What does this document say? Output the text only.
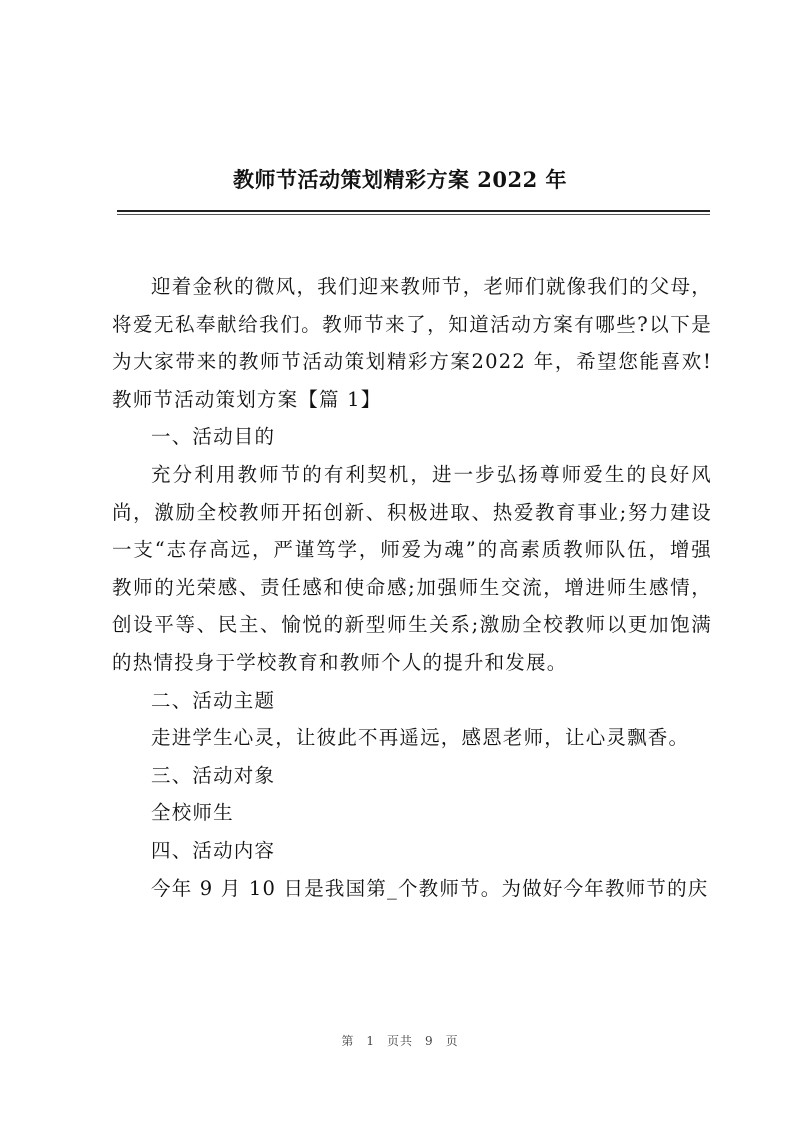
教师节活动策划精彩方案 2022 年

迎着金秋的微风，我们迎来教师节，老师们就像我们的父母，将爱无私奉献给我们。教师节来了，知道活动方案有哪些?以下是为大家带来的教师节活动策划精彩方案2022 年，希望您能喜欢!教师节活动策划方案【篇 1】

一、活动目的

充分利用教师节的有利契机，进一步弘扬尊师爱生的良好风尚，激励全校教师开拓创新、积极进取、热爱教育事业;努力建设一支“志存高远，严谨笃学，师爱为魂”的高素质教师队伍，增强教师的光荣感、责任感和使命感;加强师生交流，增进师生感情，创设平等、民主、愉悦的新型师生关系;激励全校教师以更加饱满的热情投身于学校教育和教师个人的提升和发展。

二、活动主题

走进学生心灵，让彼此不再遥远，感恩老师，让心灵飘香。

三、活动对象

全校师生

四、活动内容

今年 9 月 10 日是我国第_个教师节。为做好今年教师节的庆

第 1 页共 9 页
